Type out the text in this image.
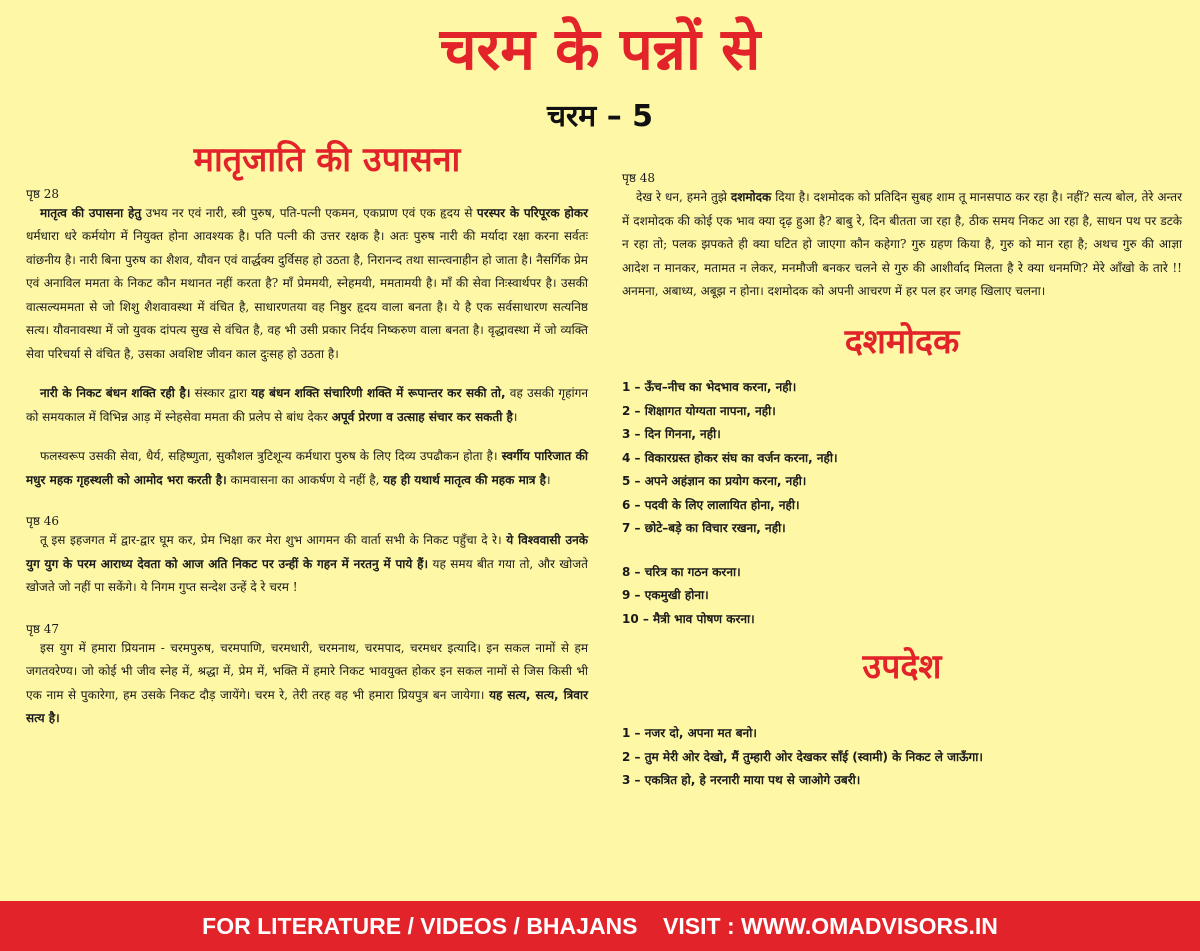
चरम के पन्नों से
चरम – 5
मातृजाति की उपासना
पृष्ठ 28
मातृत्व की उपासना हेतु उभय नर एवं नारी, स्त्री पुरुष, पति-पत्नी एकमन, एकप्राण एवं एक हृदय से परस्पर के परिपूरक होकर धर्मधारा धरे कर्मयोग में नियुक्त होना आवश्यक है। पति पत्नी की उत्तर रक्षक है। अतः पुरुष नारी की मर्यादा रक्षा करना सर्वतः वांछनीय है। नारी बिना पुरुष का शैशव, यौवन एवं वार्द्धक्य दुर्विसह हो उठता है, निरानन्द तथा सान्त्वनाहीन हो जाता है। नैसर्गिक प्रेम एवं अनाविल ममता के निकट कौन मथानत नहीं करता है? माँ प्रेममयी, स्नेहमयी, ममतामयी है। माँ की सेवा निःस्वार्थपर है। उसकी वात्सल्यममता से जो शिशु शैशवावस्था में वंचित है, साधारणतया वह निष्ठुर हृदय वाला बनता है। ये है एक सर्वसाधारण सत्यनिष्ठ सत्य। यौवनावस्था में जो युवक दांपत्य सुख से वंचित है, वह भी उसी प्रकार निर्दय निष्करुण वाला बनता है। वृद्धावस्था में जो व्यक्ति सेवा परिचर्या से वंचित है, उसका अवशिष्ट जीवन काल दुःसह हो उठता है।
नारी के निकट बंधन शक्ति रही है। संस्कार द्वारा यह बंधन शक्ति संचारिणी शक्ति में रूपान्तर कर सकी तो, वह उसकी गृहांगन को समयकाल में विभिन्न आड़ में स्नेहसेवा ममता की प्रलेप से बांध देकर अपूर्व प्रेरणा व उत्साह संचार कर सकती है।
फलस्वरूप उसकी सेवा, धैर्य, सहिष्णुता, सुकौशल त्रुटिशून्य कर्मधारा पुरुष के लिए दिव्य उपढौकन होता है। स्वर्गीय पारिजात की मधुर महक गृहस्थली को आमोद भरा करती है। कामवासना का आकर्षण ये नहीं है, यह ही यथार्थ मातृत्व की महक मात्र है।
पृष्ठ 46
तू इस इहजगत में द्वार-द्वार घूम कर, प्रेम भिक्षा कर मेरा शुभ आगमन की वार्ता सभी के निकट पहुँचा दे रे। ये विश्ववासी उनके युग युग के परम आराध्य देवता को आज अति निकट पर उन्हीं के गहन में नरतनु में पाये हैं। यह समय बीत गया तो, और खोजते खोजते जो नहीं पा सकेंगे। ये निगम गुप्त सन्देश उन्हें दे रे चरम !
पृष्ठ 47
इस युग में हमारा प्रियनाम - चरमपुरुष, चरमपाणि, चरमधारी, चरमनाथ, चरमपाद, चरमधर इत्यादि। इन सकल नामों से हम जगतवरेण्य। जो कोई भी जीव स्नेह में, श्रद्धा में, प्रेम में, भक्ति में हमारे निकट भावयुक्त होकर इन सकल नामों से जिस किसी भी एक नाम से पुकारेगा, हम उसके निकट दौड़ जायेंगे। चरम रे, तेरी तरह वह भी हमारा प्रियपुत्र बन जायेगा। यह सत्य, सत्य, त्रिवार सत्य है।
पृष्ठ 48
देख रे धन, हमने तुझे दशमोदक दिया है। दशमोदक को प्रतिदिन सुबह शाम तू मानसपाठ कर रहा है। नहीं? सत्य बोल, तेरे अन्तर में दशमोदक की कोई एक भाव क्या दृढ़ हुआ है? बाबु रे, दिन बीतता जा रहा है, ठीक समय निकट आ रहा है, साधन पथ पर डटके न रहा तो; पलक झपकते ही क्या घटित हो जाएगा कौन कहेगा? गुरु ग्रहण किया है, गुरु को मान रहा है; अथच गुरु की आज्ञा आदेश न मानकर, मतामत न लेकर, मनमौजी बनकर चलने से गुरु की आशीर्वाद मिलता है रे क्या धनमणि? मेरे आँखो के तारे !! अनमना, अबाध्य, अबूझ न होना। दशमोदक को अपनी आचरण में हर पल हर जगह खिलाए चलना।
दशमोदक
1 – ऊँच–नीच का भेदभाव करना, नही।
2 – शिक्षागत योग्यता नापना, नही।
3 – दिन गिनना, नही।
4 – विकारग्रस्त होकर संघ का वर्जन करना, नही।
5 – अपने अहंज्ञान का प्रयोग करना, नही।
6 – पदवी के लिए लालायित होना, नही।
7 – छोटे–बड़े का विचार रखना, नही।
8 – चरित्र का गठन करना।
9 – एकमुखी होना।
10 – मैत्री भाव पोषण करना।
उपदेश
1 – नजर दो, अपना मत बनो।
2 – तुम मेरी ओर देखो, मैं तुम्हारी ओर देखकर साँई (स्वामी) के निकट ले जाऊँगा।
3 – एकत्रित हो, हे नरनारी माया पथ से जाओगे उबरी।
FOR LITERATURE / VIDEOS / BHAJANS    VISIT : WWW.OMADVISORS.IN
